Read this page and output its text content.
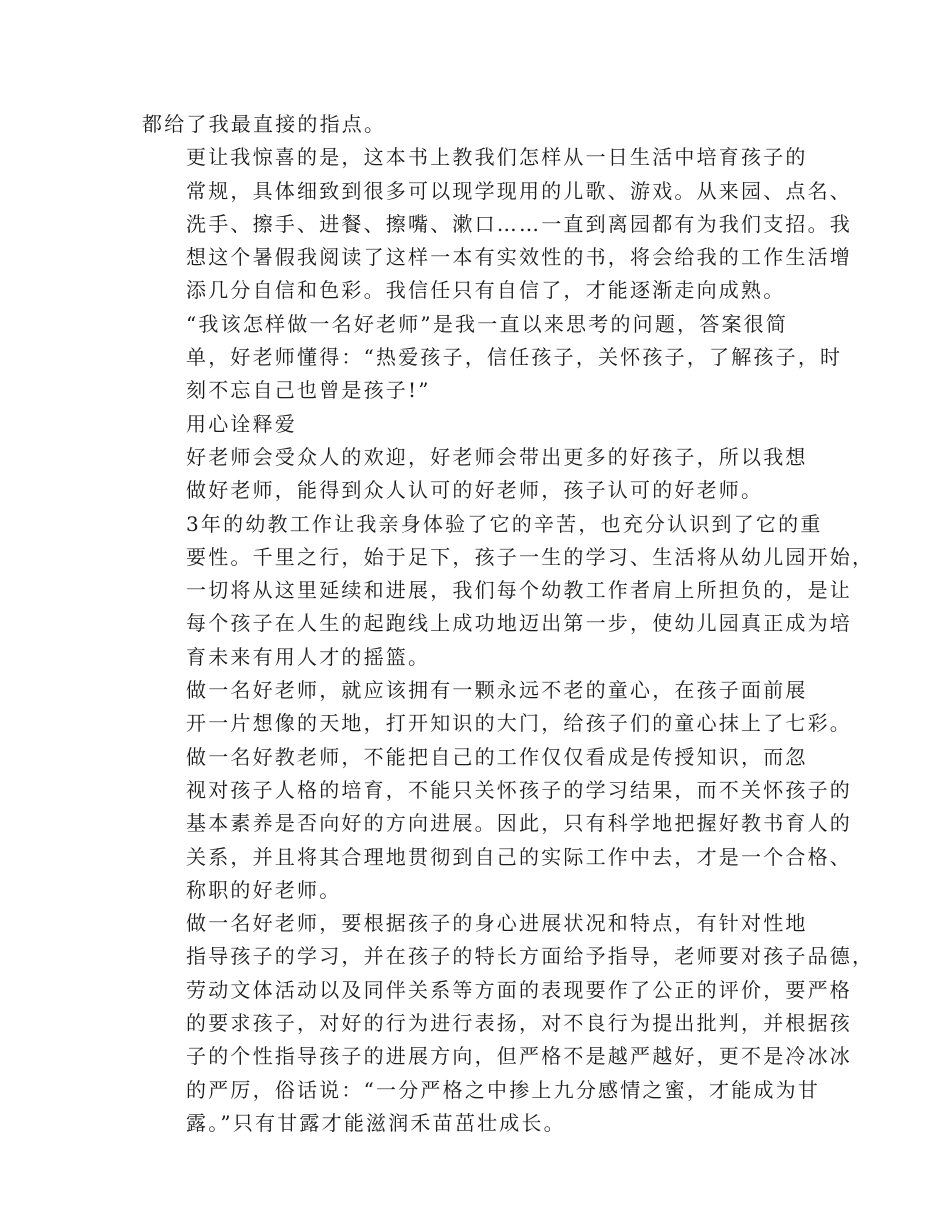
都给了我最直接的指点。

更让我惊喜的是，这本书上教我们怎样从一日生活中培育孩子的
常规，具体细致到很多可以现学现用的儿歌、游戏。从来园、点名、
洗手、擦手、进餐、擦嘴、漱口……一直到离园都有为我们支招。我
想这个暑假我阅读了这样一本有实效性的书，将会给我的工作生活增
添几分自信和色彩。我信任只有自信了，才能逐渐走向成熟。

“我该怎样做一名好老师”是我一直以来思考的问题，答案很简
单，好老师懂得：“热爱孩子，信任孩子，关怀孩子，了解孩子，时
刻不忘自己也曾是孩子!”

用心诠释爱

好老师会受众人的欢迎，好老师会带出更多的好孩子，所以我想
做好老师，能得到众人认可的好老师，孩子认可的好老师。

3年的幼教工作让我亲身体验了它的辛苦，也充分认识到了它的重
要性。千里之行，始于足下，孩子一生的学习、生活将从幼儿园开始，
一切将从这里延续和进展，我们每个幼教工作者肩上所担负的，是让
每个孩子在人生的起跑线上成功地迈出第一步，使幼儿园真正成为培
育未来有用人才的摇篮。

做一名好老师，就应该拥有一颗永远不老的童心，在孩子面前展
开一片想像的天地，打开知识的大门，给孩子们的童心抹上了七彩。

做一名好教老师，不能把自己的工作仅仅看成是传授知识，而忽
视对孩子人格的培育，不能只关怀孩子的学习结果，而不关怀孩子的
基本素养是否向好的方向进展。因此，只有科学地把握好教书育人的
关系，并且将其合理地贯彻到自己的实际工作中去，才是一个合格、
称职的好老师。

做一名好老师，要根据孩子的身心进展状况和特点，有针对性地
指导孩子的学习，并在孩子的特长方面给予指导，老师要对孩子品德，
劳动文体活动以及同伴关系等方面的表现要作了公正的评价，要严格
的要求孩子，对好的行为进行表扬，对不良行为提出批判，并根据孩
子的个性指导孩子的进展方向，但严格不是越严越好，更不是冷冰冰
的严厉，俗话说：“一分严格之中掺上九分感情之蜜，才能成为甘
露。”只有甘露才能滋润禾苗茁壮成长。
